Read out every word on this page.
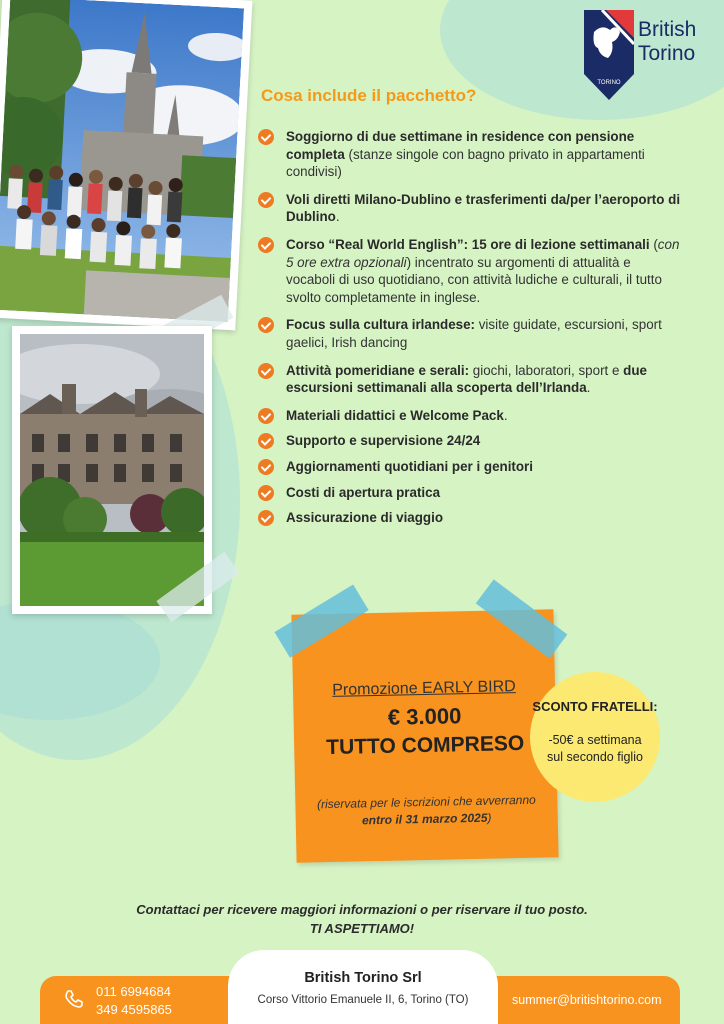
TORINO
British
Torino
Cosa include il pacchetto?
Soggiorno di due settimane in residence con pensione completa (stanze singole con bagno privato in appartamenti condivisi)
Voli diretti Milano-Dublino e trasferimenti da/per l’aeroporto di Dublino.
Corso “Real World English”: 15 ore di lezione settimanali (con 5 ore extra opzionali) incentrato su argomenti di attualità e vocaboli di uso quotidiano, con attività ludiche e culturali, il tutto svolto completamente in inglese.
Focus sulla cultura irlandese: visite guidate, escursioni, sport gaelici, Irish dancing
Attività pomeridiane e serali: giochi, laboratori, sport e due escursioni settimanali alla scoperta dell’Irlanda.
Materiali didattici e Welcome Pack.
Supporto e supervisione 24/24
Aggiornamenti quotidiani per i genitori
Costi di apertura pratica
Assicurazione di viaggio
Promozione EARLY BIRD
€ 3.000
TUTTO COMPRESO
(riservata per le iscrizioni che avverranno entro il 31 marzo 2025)
SCONTO FRATELLI:
-50€ a settimana sul secondo figlio
Contattaci per ricevere maggiori informazioni o per riservare il tuo posto.
TI ASPETTIAMO!
011 6994684
349 4595865
British Torino Srl
Corso Vittorio Emanuele II, 6, Torino (TO)	summer@britishtorino.com
